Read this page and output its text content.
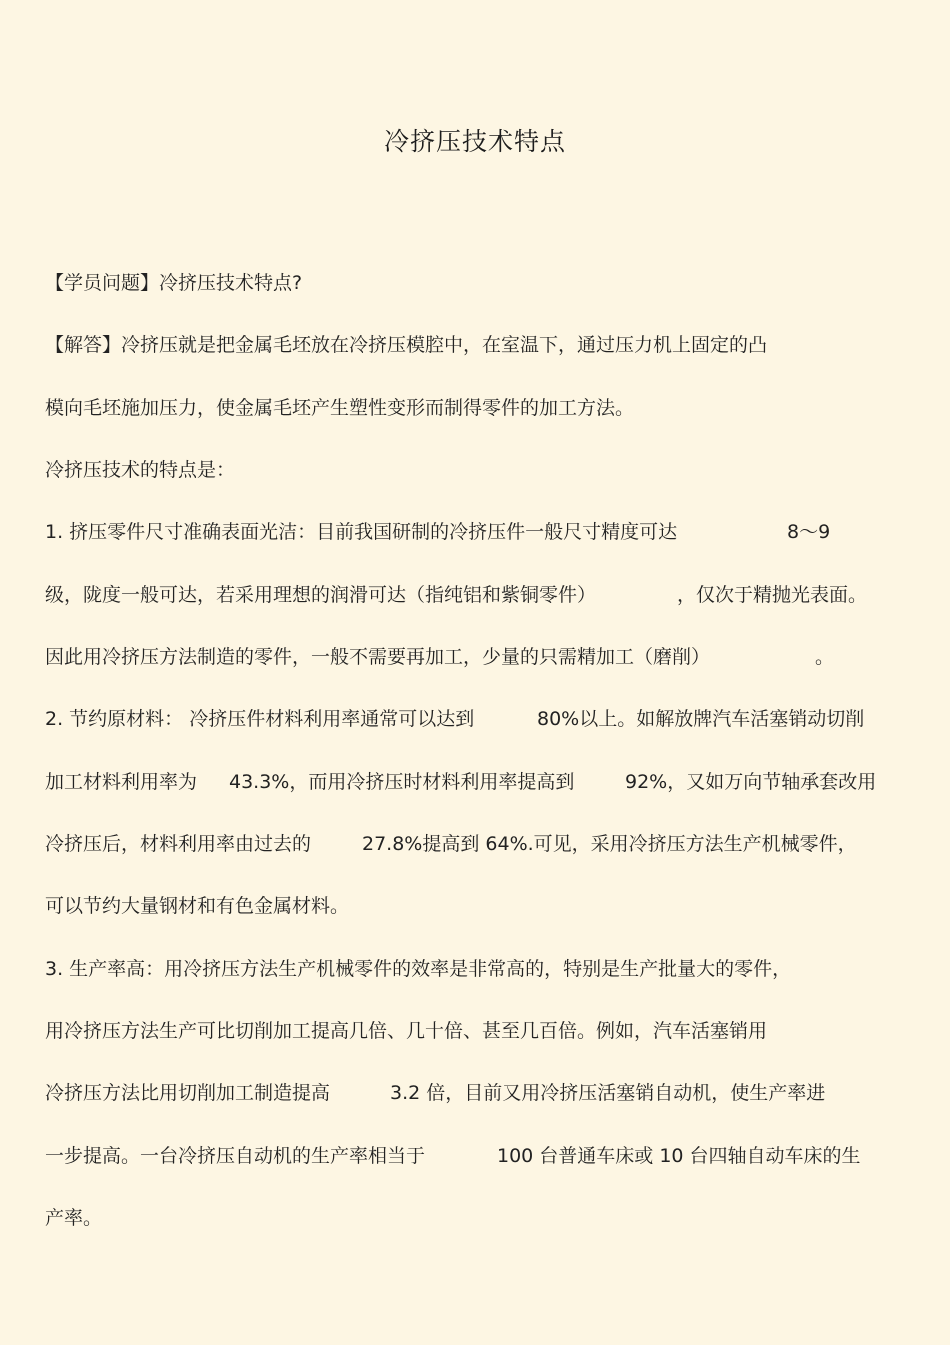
冷挤压技术特点
【学员问题】冷挤压技术特点?
【解答】冷挤压就是把金属毛坯放在冷挤压模腔中，在室温下，通过压力机上固定的凸
模向毛坯施加压力，使金属毛坯产生塑性变形而制得零件的加工方法。
冷挤压技术的特点是：
1. 挤压零件尺寸准确表面光洁：目前我国研制的冷挤压件一般尺寸精度可达	8～9
级，陇度一般可达，若采用理想的润滑可达（指纯铝和紫铜零件）	，仅次于精抛光表面。
因此用冷挤压方法制造的零件，一般不需要再加工，少量的只需精加工（磨削）	。
2. 节约原材料： 冷挤压件材料利用率通常可以达到	80%以上。如解放牌汽车活塞销动切削
加工材料利用率为 43.3%，而用冷挤压时材料利用率提高到	92%，又如万向节轴承套改用
冷挤压后，材料利用率由过去的	27.8%提高到 64%.可见，采用冷挤压方法生产机械零件，
可以节约大量钢材和有色金属材料。
3. 生产率高：用冷挤压方法生产机械零件的效率是非常高的，特别是生产批量大的零件，
用冷挤压方法生产可比切削加工提高几倍、几十倍、甚至几百倍。例如，汽车活塞销用
冷挤压方法比用切削加工制造提高	3.2 倍，目前又用冷挤压活塞销自动机，使生产率进
一步提高。一台冷挤压自动机的生产率相当于	100 台普通车床或 10 台四轴自动车床的生
产率。
